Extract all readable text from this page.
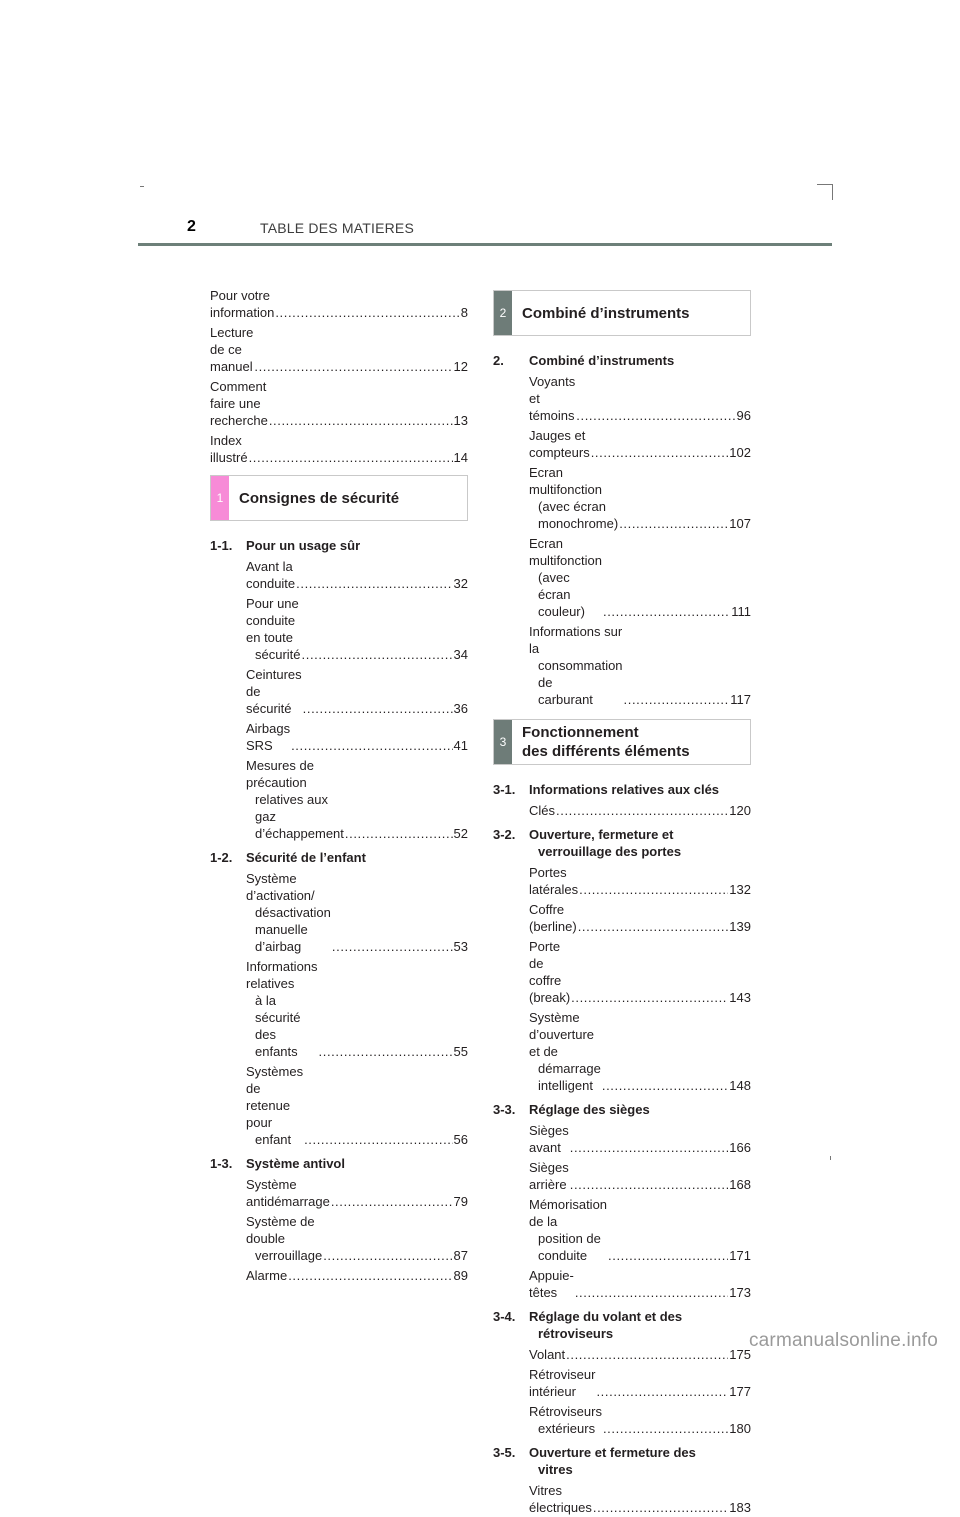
2	TABLE DES MATIERES
Pour votre information .....	8
Lecture de ce manuel .....	12
Comment faire une recherche .....	13
Index illustré .....	14
1	Consignes de sécurité
1-1.	Pour un usage sûr
Avant la conduite .....	32
Pour une conduite en toute
sécurité .....	34
Ceintures de sécurité .....	36
Airbags SRS .....	41
Mesures de précaution
relatives aux gaz
d’échappement .....	52
1-2.	Sécurité de l’enfant
Système d’activation/
désactivation manuelle
d’airbag .....	53
Informations relatives
à la sécurité des enfants .....	55
Systèmes de retenue pour
enfant .....	56
1-3.	Système antivol
Système antidémarrage .....	79
Système de double
verrouillage .....	87
Alarme .....	89
2	Combiné d’instruments
2.	Combiné d’instruments
Voyants et témoins .....	96
Jauges et compteurs .....	102
Ecran multifonction
(avec écran monochrome) .....	107
Ecran multifonction
(avec écran couleur) .....	111
Informations sur la
consommation de
carburant .....	117
3
Fonctionnement
des différents éléments
3-1.	Informations relatives aux clés
Clés .....	120
3-2.	Ouverture, fermeture et
verrouillage des portes
Portes latérales .....	132
Coffre (berline) .....	139
Porte de coffre (break) .....	143
Système d’ouverture et de
démarrage intelligent .....	148
3-3.	Réglage des sièges
Sièges avant .....	166
Sièges arrière .....	168
Mémorisation de la
position de conduite .....	171
Appuie-têtes .....	173
3-4.	Réglage du volant et des
rétroviseurs
Volant .....	175
Rétroviseur intérieur .....	177
Rétroviseurs
extérieurs .....	180
3-5.	Ouverture et fermeture des
vitres
Vitres électriques .....	183
carmanualsonline.info
